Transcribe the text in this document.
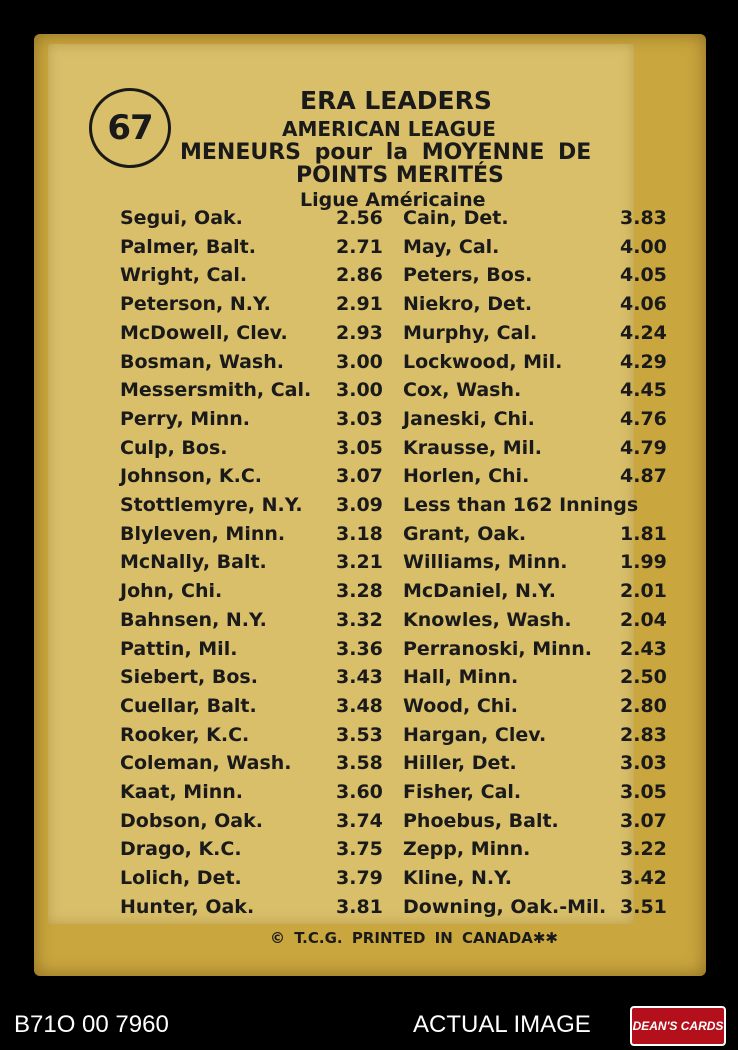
67
ERA LEADERS
AMERICAN LEAGUE
MENEURS pour la MOYENNE DE
POINTS MERITÉS
Ligue Américaine
Segui, Oak.	2.56 Cain, Det.	3.83
Palmer, Balt.	2.71 May, Cal.	4.00
Wright, Cal.	2.86 Peters, Bos.	4.05
Peterson, N.Y.	2.91 Niekro, Det.	4.06
McDowell, Clev.	2.93 Murphy, Cal.	4.24
Bosman, Wash.	3.00 Lockwood, Mil.	4.29
Messersmith, Cal. 3.00 Cox, Wash.	4.45
Perry, Minn.	3.03 Janeski, Chi.	4.76
Culp, Bos.	3.05 Krausse, Mil.	4.79
Johnson, K.C.	3.07 Horlen, Chi.	4.87
Stottlemyre, N.Y. 3.09 Less than 162 Innings
Blyleven, Minn.	3.18 Grant, Oak.	1.81
McNally, Balt.	3.21 Williams, Minn.	1.99
John, Chi.	3.28 McDaniel, N.Y.	2.01
Bahnsen, N.Y.	3.32 Knowles, Wash.	2.04
Pattin, Mil.	3.36 Perranoski, Minn. 2.43
Siebert, Bos.	3.43 Hall, Minn.	2.50
Cuellar, Balt.	3.48 Wood, Chi.	2.80
Rooker, K.C.	3.53 Hargan, Clev.	2.83
Coleman, Wash. 3.58 Hiller, Det.	3.03
Kaat, Minn.	3.60 Fisher, Cal.	3.05
Dobson, Oak.	3.74 Phoebus, Balt.	3.07
Drago, K.C.	3.75 Zepp, Minn.	3.22
Lolich, Det.	3.79 Kline, N.Y.	3.42
Hunter, Oak.	3.81 Downing, Oak.-Mil. 3.51
© T.C.G. PRINTED IN CANADA✱✱
B71O 00 7960	ACTUAL IMAGE	DEAN'S CARDS
